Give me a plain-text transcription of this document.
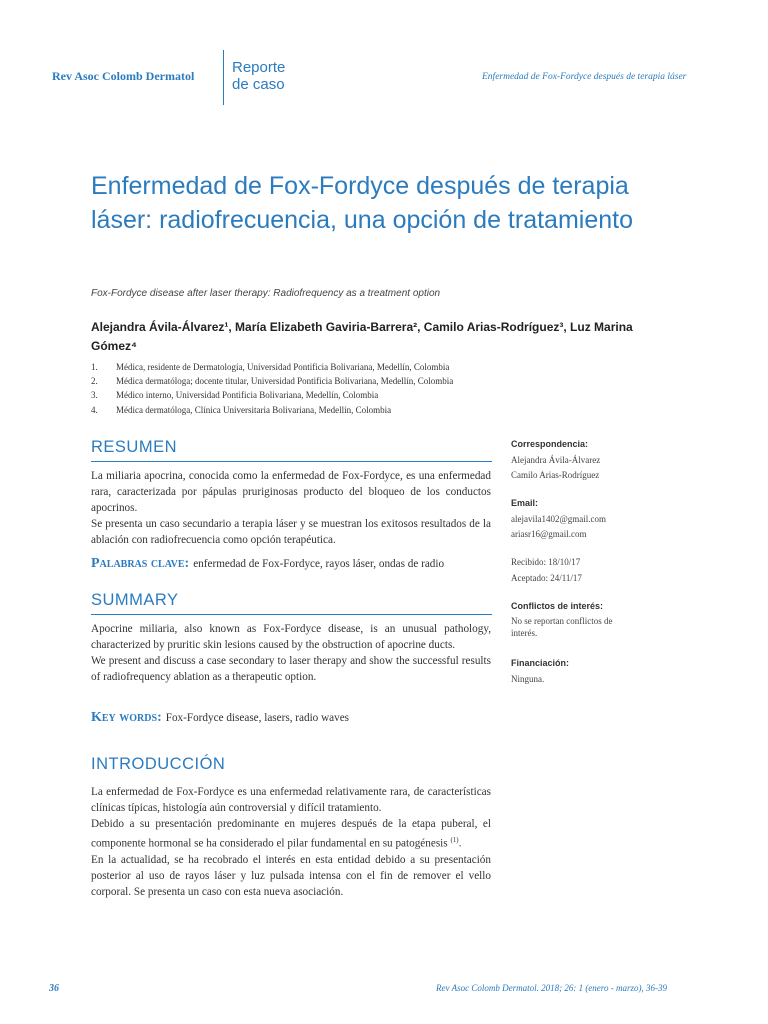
Rev Asoc Colomb Dermatol	Reporte
de caso	Enfermedad de Fox-Fordyce después de terapia láser
Enfermedad de Fox-Fordyce después de terapia láser: radiofrecuencia, una opción de tratamiento
Fox-Fordyce disease after laser therapy: Radiofrequency as a treatment option
Alejandra Ávila-Álvarez¹, María Elizabeth Gaviria-Barrera², Camilo Arias-Rodríguez³, Luz Marina Gómez⁴
1. Médica, residente de Dermatología, Universidad Pontificia Bolivariana, Medellín, Colombia
2. Médica dermatóloga; docente titular, Universidad Pontificia Bolivariana, Medellín, Colombia
3. Médico interno, Universidad Pontificia Bolivariana, Medellín, Colombia
4. Médica dermatóloga, Clínica Universitaria Bolivariana, Medellín, Colombia
RESUMEN

La miliaria apocrina, conocida como la enfermedad de Fox-Fordyce, es una enfermedad rara, caracterizada por pápulas pruriginosas producto del bloqueo de los conductos apocrinos.

Se presenta un caso secundario a terapia láser y se muestran los exitosos resultados de la ablación con radiofrecuencia como opción terapéutica.

Palabras clave: enfermedad de Fox-Fordyce, rayos láser, ondas de radio
SUMMARY

Apocrine miliaria, also known as Fox-Fordyce disease, is an unusual pathology, characterized by pruritic skin lesions caused by the obstruction of apocrine ducts.

We present and discuss a case secondary to laser therapy and show the successful results of radiofrequency ablation as a therapeutic option.

Key words: Fox-Fordyce disease, lasers, radio waves
INTRODUCCIÓN

La enfermedad de Fox-Fordyce es una enfermedad relativamente rara, de características clínicas típicas, histología aún controversial y difícil tratamiento.

Debido a su presentación predominante en mujeres después de la etapa puberal, el componente hormonal se ha considerado el pilar fundamental en su patogénesis $^{(1)}$.

En la actualidad, se ha recobrado el interés en esta entidad debido a su presentación posterior al uso de rayos láser y luz pulsada intensa con el fin de remover el vello corporal. Se presenta un caso con esta nueva asociación.

Correspondencia:
Alejandra Ávila-Álvarez
Camilo Arias-Rodríguez
Email:
alejavila1402@gmail.com
ariasr16@gmail.com
Recibido: 18/10/17
Aceptado: 24/11/17
Conflictos de interés:
No se reportan conflictos de interés.
Financiación:
Ninguna.
36	Rev Asoc Colomb Dermatol. 2018; 26: 1 (enero - marzo), 36-39
